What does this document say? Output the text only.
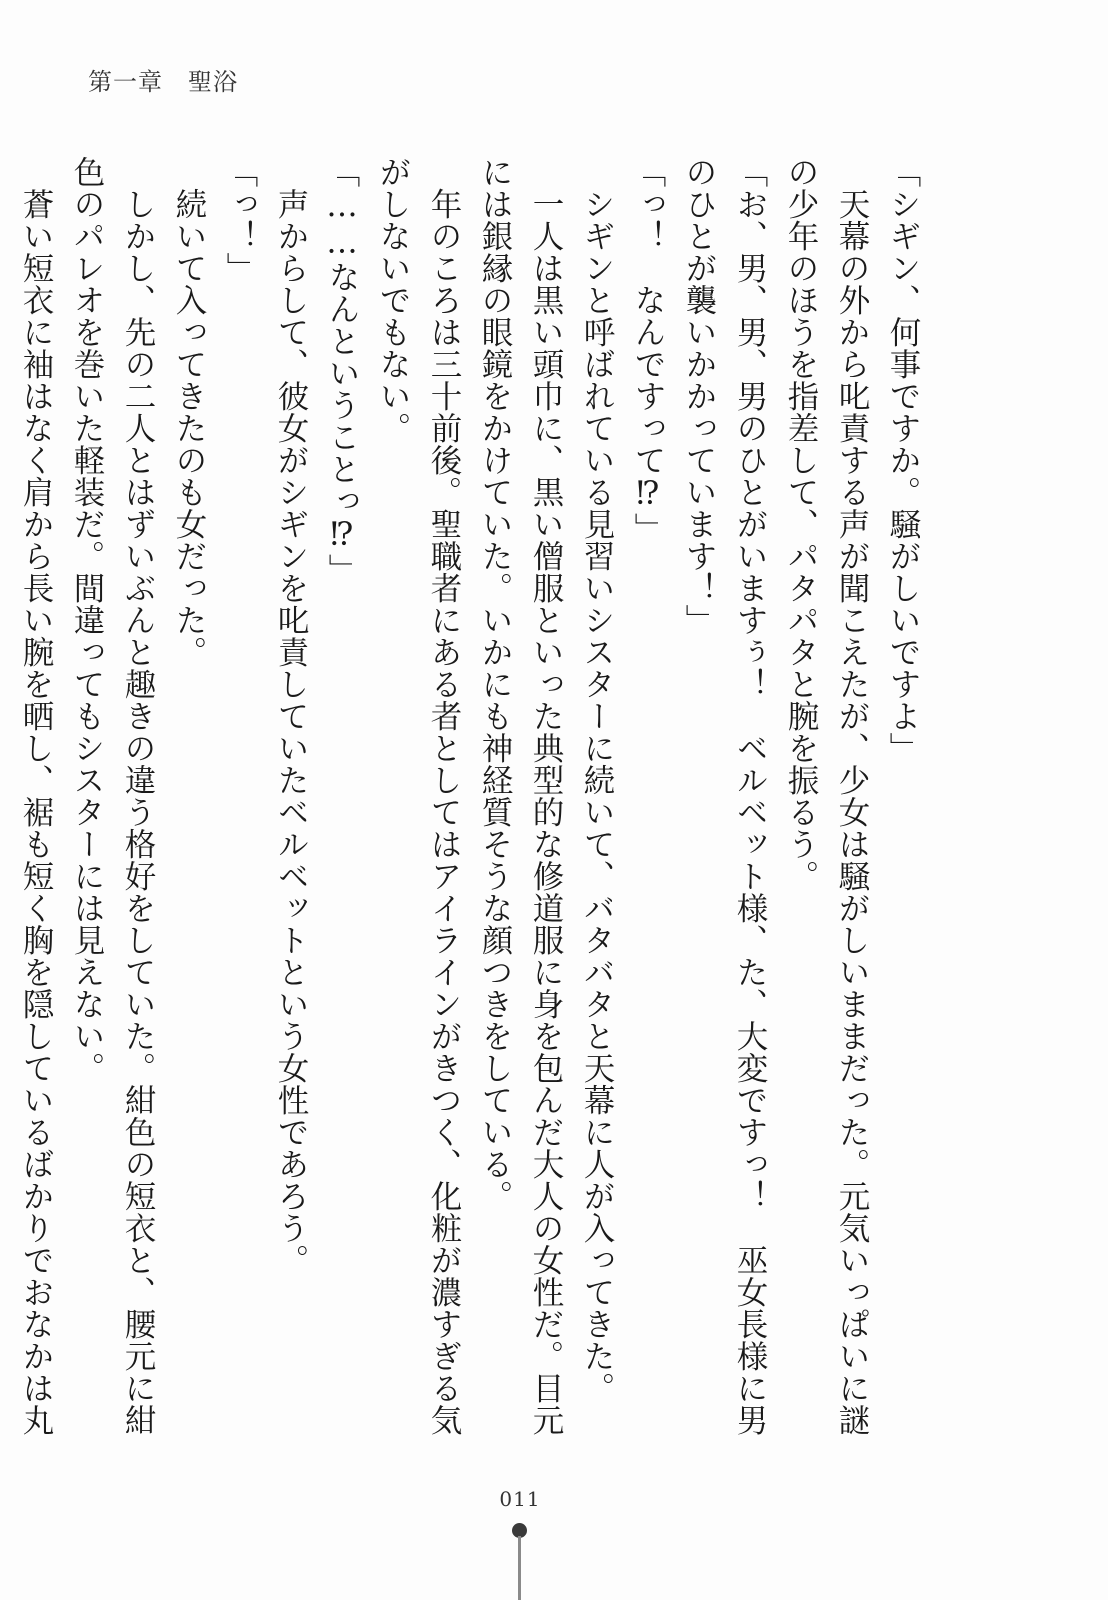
第一章　聖浴
「シギン、何事ですか。騒がしいですよ」
　天幕の外から叱責する声が聞こえたが、少女は騒がしいままだった。元気いっぱいに謎
の少年のほうを指差して、パタパタと腕を振るう。
「お、男、男、男のひとがいますぅ！　ベルベット様、た、大変ですっ！　巫女長様に男
のひとが襲いかかっています！」
「っ！　なんですって⁉」
　シギンと呼ばれている見習いシスターに続いて、バタバタと天幕に人が入ってきた。
　一人は黒い頭巾に、黒い僧服といった典型的な修道服に身を包んだ大人の女性だ。目元
には銀縁の眼鏡をかけていた。いかにも神経質そうな顔つきをしている。
　年のころは三十前後。聖職者にある者としてはアイラインがきつく、化粧が濃すぎる気
がしないでもない。
「……なんということっ⁉」
　声からして、彼女がシギンを叱責していたベルベットという女性であろう。
「っ！」
　続いて入ってきたのも女だった。
　しかし、先の二人とはずいぶんと趣きの違う格好をしていた。紺色の短衣と、腰元に紺
色のパレオを巻いた軽装だ。間違ってもシスターには見えない。
　蒼い短衣に袖はなく肩から長い腕を晒し、裾も短く胸を隠しているばかりでおなかは丸
011
